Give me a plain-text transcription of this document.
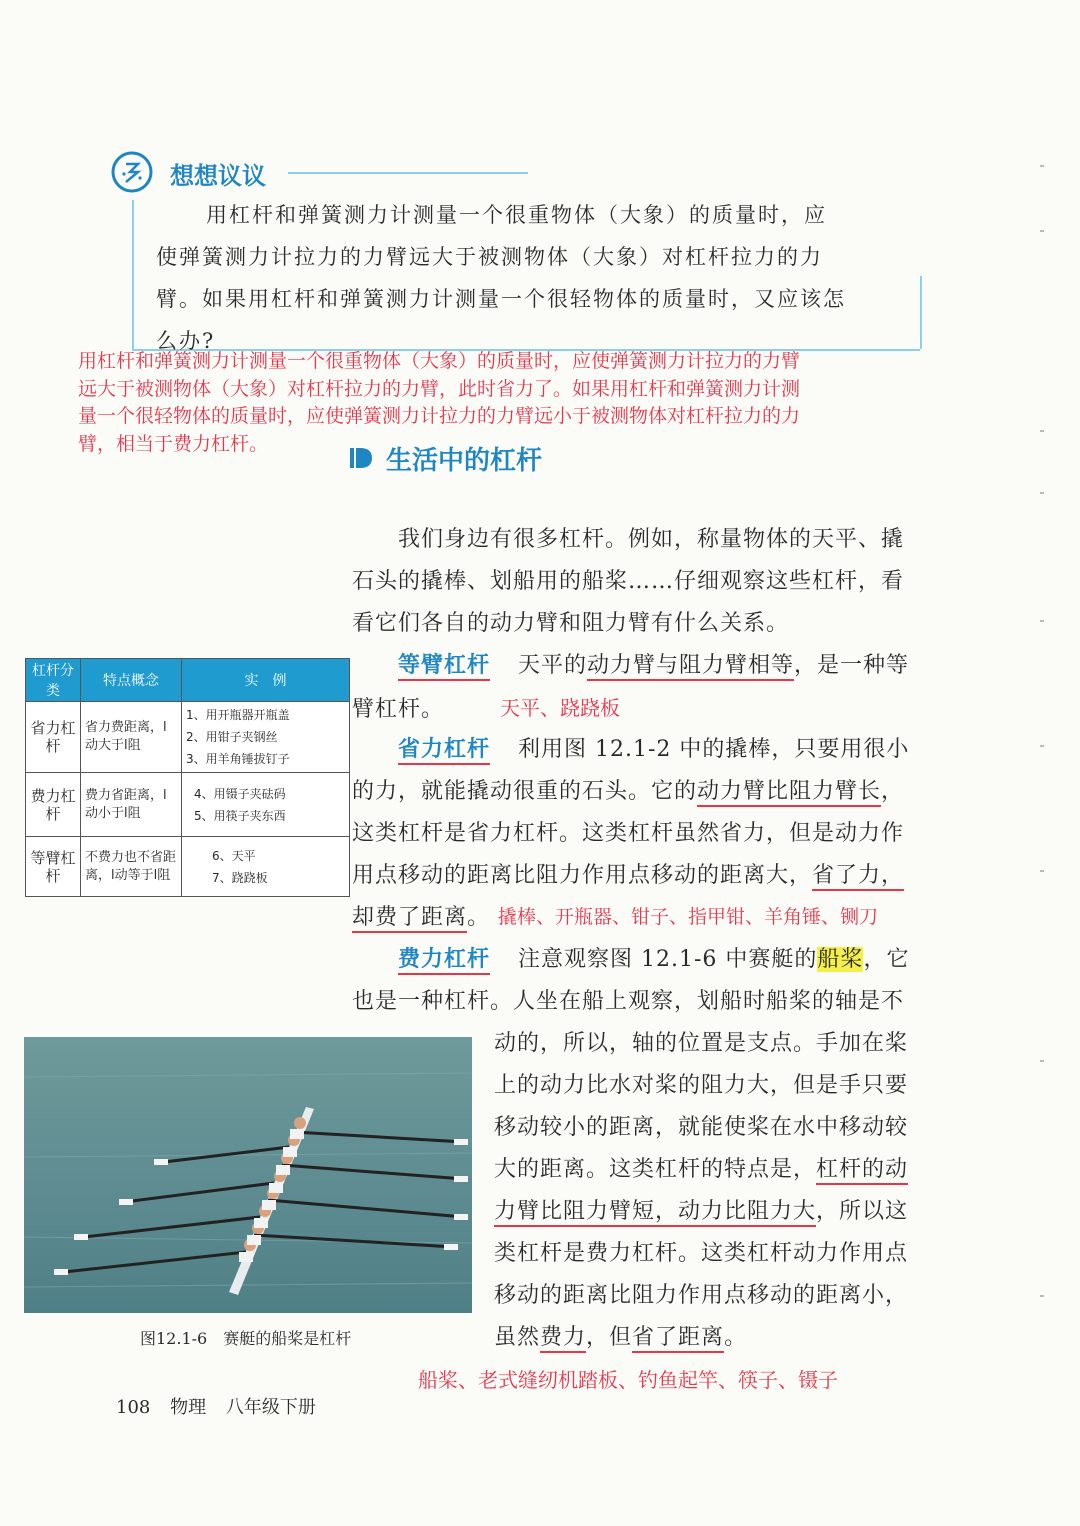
想想议议
用杠杆和弹簧测力计测量一个很重物体（大象）的质量时，应
使弹簧测力计拉力的力臂远大于被测物体（大象）对杠杆拉力的力
臂。如果用杠杆和弹簧测力计测量一个很轻物体的质量时，又应该怎
么办?
用杠杆和弹簧测力计测量一个很重物体（大象）的质量时，应使弹簧测力计拉力的力臂
远大于被测物体（大象）对杠杆拉力的力臂，此时省力了。如果用杠杆和弹簧测力计测
量一个很轻物体的质量时，应使弹簧测力计拉力的力臂远小于被测物体对杠杆拉力的力
臂，相当于费力杠杆。
生活中的杠杆
我们身边有很多杠杆。例如，称量物体的天平、撬
石头的撬棒、划船用的船桨……仔细观察这些杠杆，看
看它们各自的动力臂和阻力臂有什么关系。
等臂杠杆 天平的动力臂与阻力臂相等，是一种等
臂杠杆。	天平、跷跷板
省力杠杆 利用图 12.1-2 中的撬棒，只要用很小
的力，就能撬动很重的石头。它的动力臂比阻力臂长，
这类杠杆是省力杠杆。这类杠杆虽然省力，但是动力作
用点移动的距离比阻力作用点移动的距离大，省了力，
却费了距离。 撬棒、开瓶器、钳子、指甲钳、羊角锤、铡刀
费力杠杆 注意观察图 12.1-6 中赛艇的船桨，它
也是一种杠杆。人坐在船上观察，划船时船桨的轴是不
动的，所以，轴的位置是支点。手加在桨
上的动力比水对桨的阻力大，但是手只要
移动较小的距离，就能使桨在水中移动较
大的距离。这类杠杆的特点是，杠杆的动
力臂比阻力臂短，动力比阻力大，所以这
类杠杆是费力杠杆。这类杠杆动力作用点
移动的距离比阻力作用点移动的距离小，
虽然费力，但省了距离。
船桨、老式缝纫机踏板、钓鱼起竿、筷子、镊子
杠杆分类	特点概念	实　例
省力杠杆	省力费距离，l动大于l阻	1、用开瓶器开瓶盖
2、用钳子夹钢丝
3、用羊角锤拔钉子

费力杠杆	费力省距离，l动小于l阻	4、用镊子夹砝码
5、用筷子夹东西

等臂杠杆	不费力也不省距离，l动等于l阻	6、天平
7、跷跷板
图12.1-6　赛艇的船桨是杠杆
108 物理 八年级下册
